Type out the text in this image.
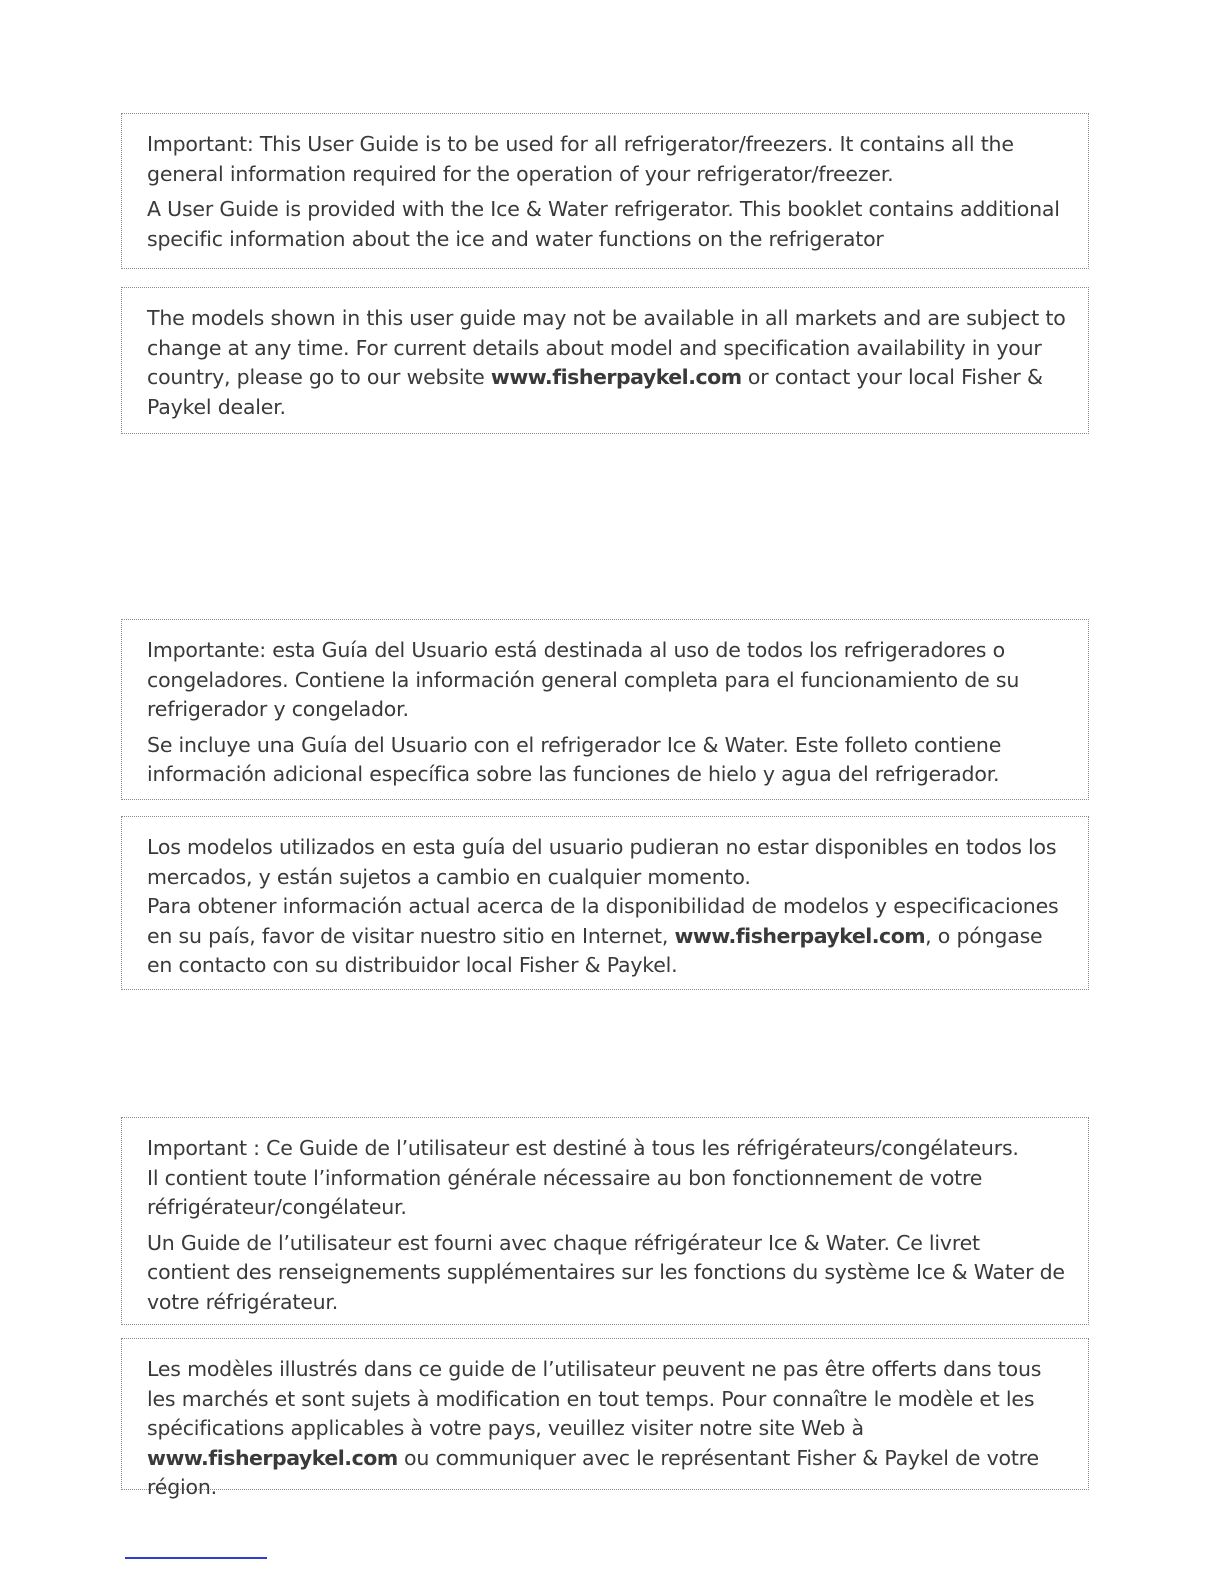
Important: This User Guide is to be used for all refrigerator/freezers. It contains all the general information required for the operation of your refrigerator/freezer.

A User Guide is provided with the Ice & Water refrigerator. This booklet contains additional specific information about the ice and water functions on the refrigerator

The models shown in this user guide may not be available in all markets and are subject to change at any time. For current details about model and specification availability in your country, please go to our website www.fisherpaykel.com or contact your local Fisher & Paykel dealer.

Importante: esta Guía del Usuario está destinada al uso de todos los refrigeradores o congeladores. Contiene la información general completa para el funcionamiento de su refrigerador y congelador.

Se incluye una Guía del Usuario con el refrigerador Ice & Water. Este folleto contiene información adicional específica sobre las funciones de hielo y agua del refrigerador.

Los modelos utilizados en esta guía del usuario pudieran no estar disponibles en todos los mercados, y están sujetos a cambio en cualquier momento.

Para obtener información actual acerca de la disponibilidad de modelos y especificaciones en su país, favor de visitar nuestro sitio en Internet, www.fisherpaykel.com, o póngase en contacto con su distribuidor local Fisher & Paykel.

Important : Ce Guide de l’utilisateur est destiné à tous les réfrigérateurs/congélateurs.

Il contient toute l’information générale nécessaire au bon fonctionnement de votre réfrigérateur/congélateur.

Un Guide de l’utilisateur est fourni avec chaque réfrigérateur Ice & Water. Ce livret contient des renseignements supplémentaires sur les fonctions du système Ice & Water de votre réfrigérateur.

Les modèles illustrés dans ce guide de l’utilisateur peuvent ne pas être offerts dans tous les marchés et sont sujets à modification en tout temps. Pour connaître le modèle et les spécifications applicables à votre pays, veuillez visiter notre site Web à www.fisherpaykel.com ou communiquer avec le représentant Fisher & Paykel de votre région.
